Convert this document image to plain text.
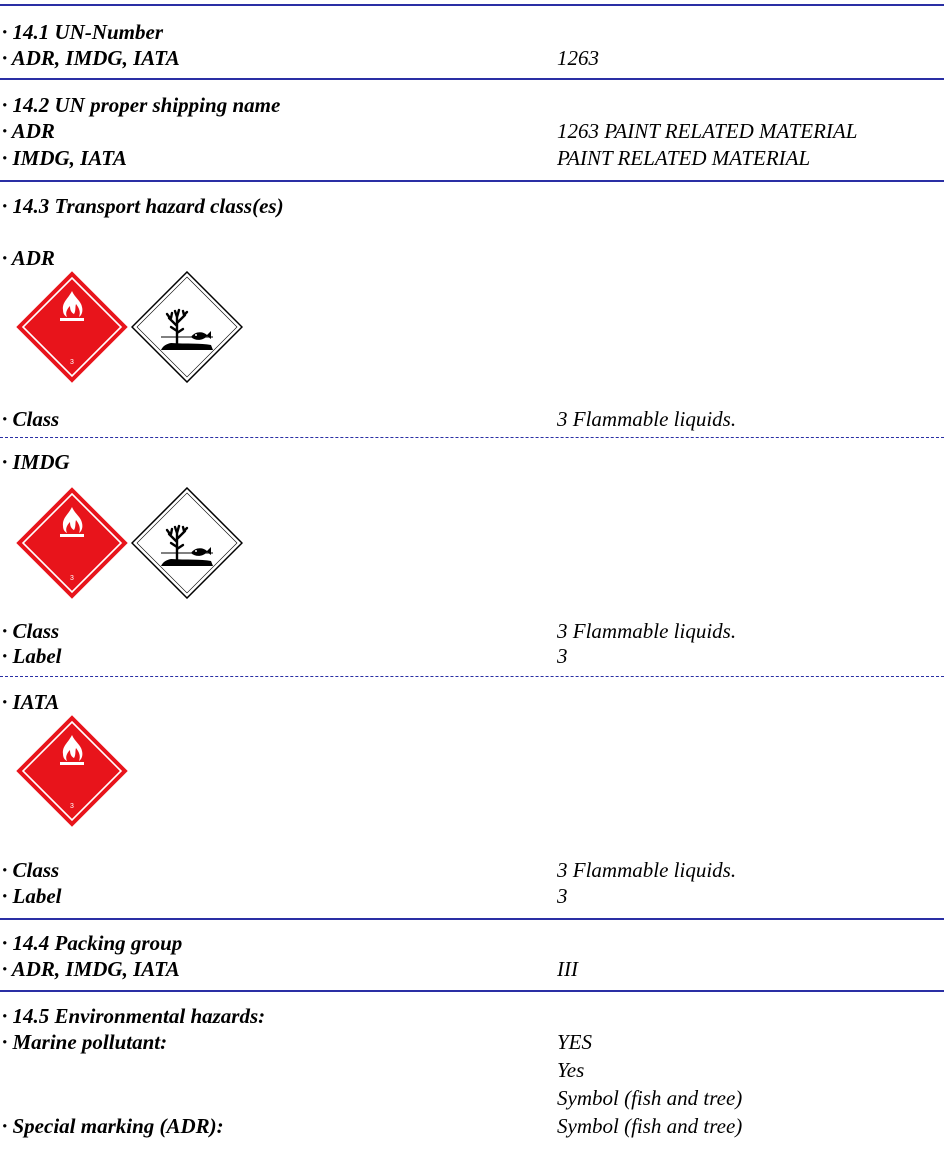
· 14.1 UN-Number
· ADR, IMDG, IATA	1263
· 14.2 UN proper shipping name
· ADR	1263 PAINT RELATED MATERIAL
· IMDG, IATA	PAINT RELATED MATERIAL
· 14.3 Transport hazard class(es)
· ADR
· Class	3 Flammable liquids.
· IMDG
· Class	3 Flammable liquids.
· Label	3
· IATA
· Class	3 Flammable liquids.
· Label	3
· 14.4 Packing group
· ADR, IMDG, IATA	III
· 14.5 Environmental hazards:
· Marine pollutant:	YES
Yes
Symbol (fish and tree)
· Special marking (ADR):	Symbol (fish and tree)
